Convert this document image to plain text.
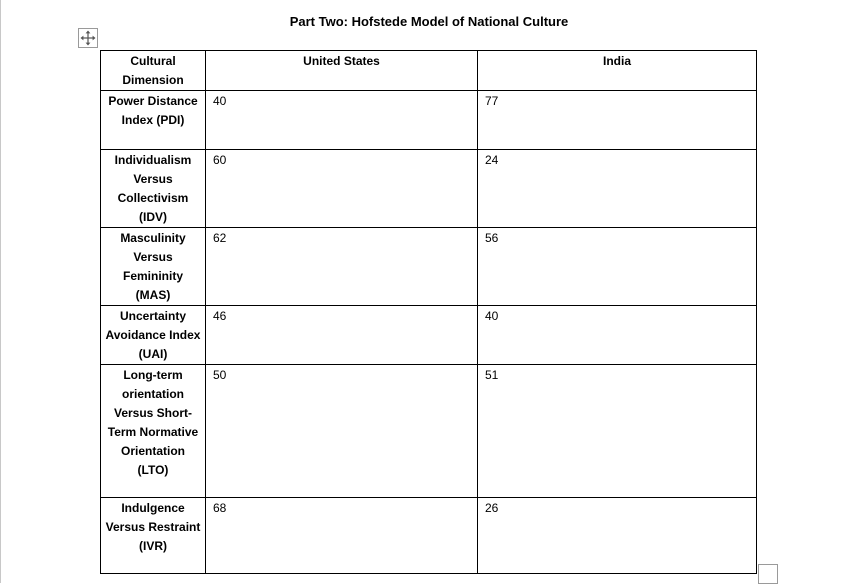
Part Two: Hofstede Model of National Culture
Cultural Dimension	United States	India
Power Distance Index (PDI)	40	77
Individualism Versus Collectivism (IDV)	60	24
Masculinity Versus Femininity (MAS)	62	56
Uncertainty Avoidance Index (UAI)	46	40
Long-term orientation Versus Short-Term Normative Orientation (LTO)	50	51
Indulgence Versus Restraint (IVR)	68	26
